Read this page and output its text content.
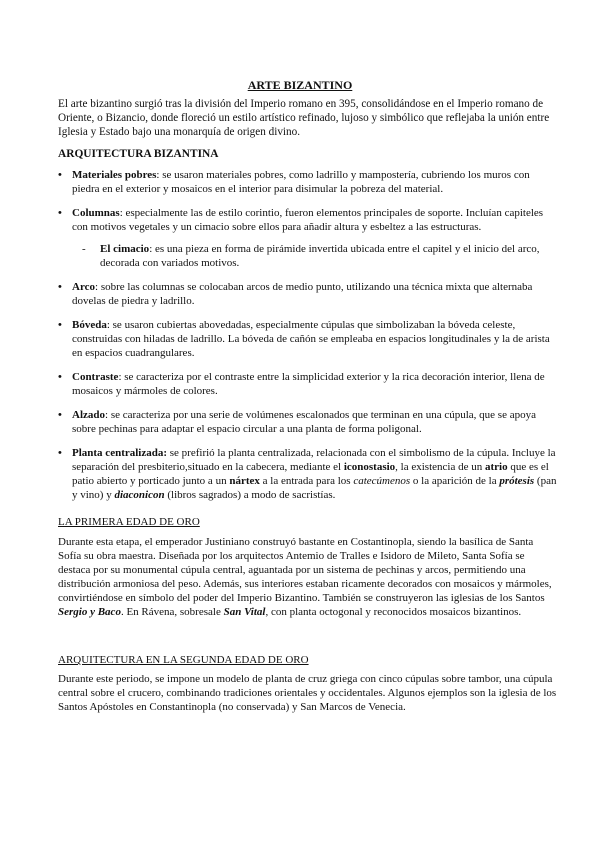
ARTE BIZANTINO
El arte bizantino surgió tras la división del Imperio romano en 395, consolidándose en el Imperio romano de Oriente, o Bizancio, donde floreció un estilo artístico refinado, lujoso y simbólico que reflejaba la unión entre Iglesia y Estado bajo una monarquía de origen divino.
ARQUITECTURA BIZANTINA

• Materiales pobres: se usaron materiales pobres, como ladrillo y mampostería, cubriendo los muros con piedra en el exterior y mosaicos en el interior para disimular la pobreza del material.

• Columnas: especialmente las de estilo corintio, fueron elementos principales de soporte. Incluían capiteles con motivos vegetales y un cimacio sobre ellos para añadir altura y esbeltez a las estructuras.

- El cimacio: es una pieza en forma de pirámide invertida ubicada entre el capitel y el inicio del arco, decorada con variados motivos.

• Arco: sobre las columnas se colocaban arcos de medio punto, utilizando una técnica mixta que alternaba dovelas de piedra y ladrillo.

• Bóveda: se usaron cubiertas abovedadas, especialmente cúpulas que simbolizaban la bóveda celeste, construidas con hiladas de ladrillo. La bóveda de cañón se empleaba en espacios longitudinales y la de arista en espacios cuadrangulares.

• Contraste: se caracteriza por el contraste entre la simplicidad exterior y la rica decoración interior, llena de mosaicos y mármoles de colores.

• Alzado: se caracteriza por una serie de volúmenes escalonados que terminan en una cúpula, que se apoya sobre pechinas para adaptar el espacio circular a una planta de forma poligonal.

• Planta centralizada: se prefirió la planta centralizada, relacionada con el simbolismo de la cúpula. Incluye la separación del presbiterio,situado en la cabecera, mediante el iconostasio, la existencia de un atrio que es el patio abierto y porticado junto a un nártex a la entrada para los catecúmenos o la aparición de la prótesis (pan y vino) y diaconicon (libros sagrados) a modo de sacristías.

LA PRIMERA EDAD DE ORO

Durante esta etapa, el emperador Justiniano construyó bastante en Costantinopla, siendo la basílica de Santa Sofía su obra maestra. Diseñada por los arquitectos Antemio de Tralles e Isidoro de Mileto, Santa Sofía se destaca por su monumental cúpula central, aguantada por un sistema de pechinas y arcos, permitiendo una distribución armoniosa del peso. Además, sus interiores estaban ricamente decorados con mosaicos y mármoles, convirtiéndose en símbolo del poder del Imperio Bizantino. También se construyeron las iglesias de los Santos Sergio y Baco. En Rávena, sobresale San Vital, con planta octogonal y reconocidos mosaicos bizantinos.

ARQUITECTURA EN LA SEGUNDA EDAD DE ORO

Durante este periodo, se impone un modelo de planta de cruz griega con cinco cúpulas sobre tambor, una cúpula central sobre el crucero, combinando tradiciones orientales y occidentales. Algunos ejemplos son la iglesia de los Santos Apóstoles en Constantinopla (no conservada) y San Marcos de Venecia.
